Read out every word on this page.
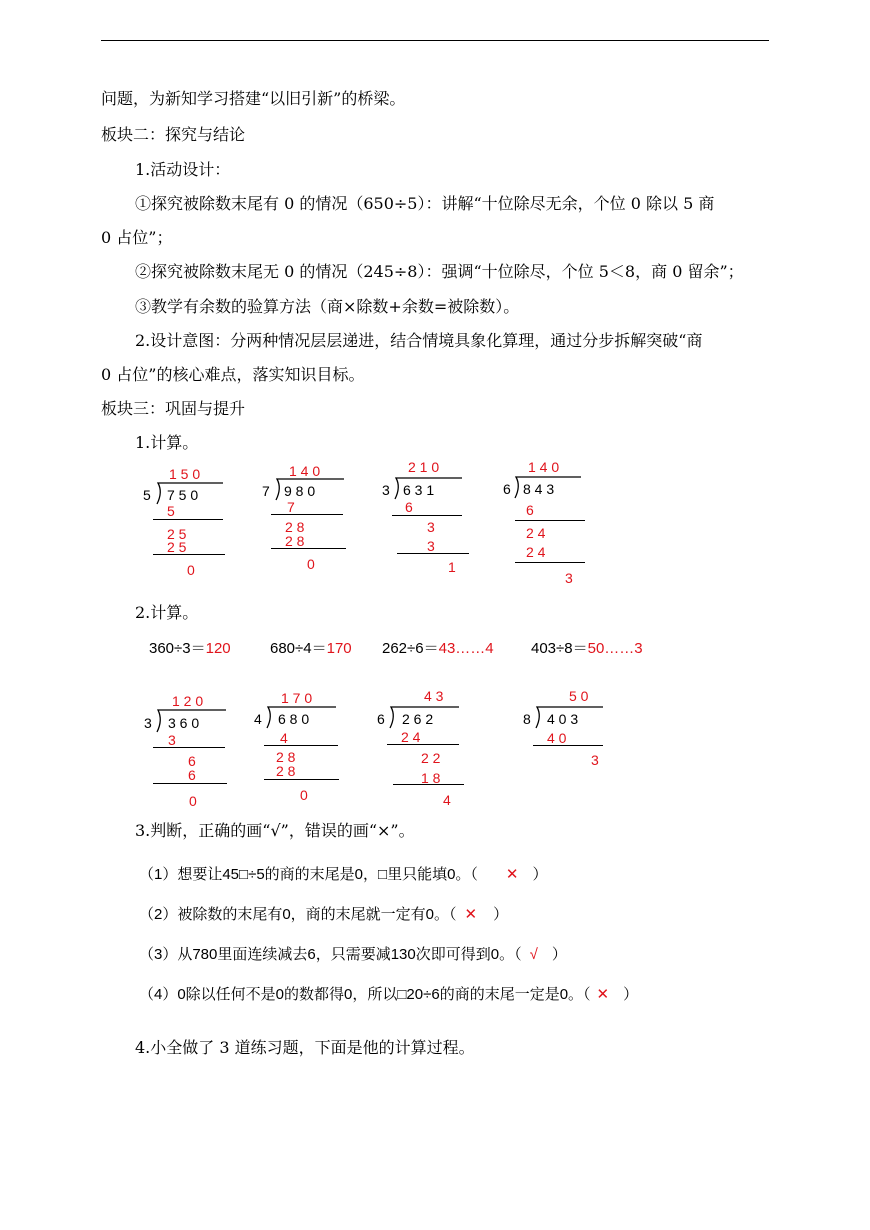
问题，为新知学习搭建“以旧引新”的桥梁。
板块二：探究与结论
1.活动设计：
①探究被除数末尾有 0 的情况（650÷5）：讲解“十位除尽无余，个位 0 除以 5 商
0 占位”；
②探究被除数末尾无 0 的情况（245÷8）：强调“十位除尽，个位 5＜8，商 0 留余”；
③教学有余数的验算方法（商×除数+余数=被除数）。
2.设计意图：分两种情况层层递进，结合情境具象化算理，通过分步拆解突破“商
0 占位”的核心难点，落实知识目标。
板块三：巩固与提升
1.计算。
1 5 0
5 7 5 0
5
2 5
2 5
0
1 4 0
7 9 8 0
7
2 8
2 8
0
2 1 0
3 6 3 1
6
3
3
1
1 4 0
6 8 4 3
6
2 4
2 4
3
2.计算。
360÷3＝120	680÷4＝170 262÷6＝43……4 403÷8＝50……3
1 2 0
3 3 6 0
3
6
6
0
1 7 0
4 6 8 0
4
2 8
2 8
0
4 3
6 2 6 2
2 4
2 2
1 8
4
5 0
8 4 0 3
4 0
3
3.判断，正确的画“√”，错误的画“×”。
（1）想要让45□÷5的商的末尾是0，□里只能填0。（ ✕ ）
（2）被除数的末尾有0，商的末尾就一定有0。（ ✕ ）
（3）从780里面连续减去6，只需要减130次即可得到0。（ √ ）
（4）0除以任何不是0的数都得0，所以□20÷6的商的末尾一定是0。（ ✕ ）
4.小全做了 3 道练习题，下面是他的计算过程。
